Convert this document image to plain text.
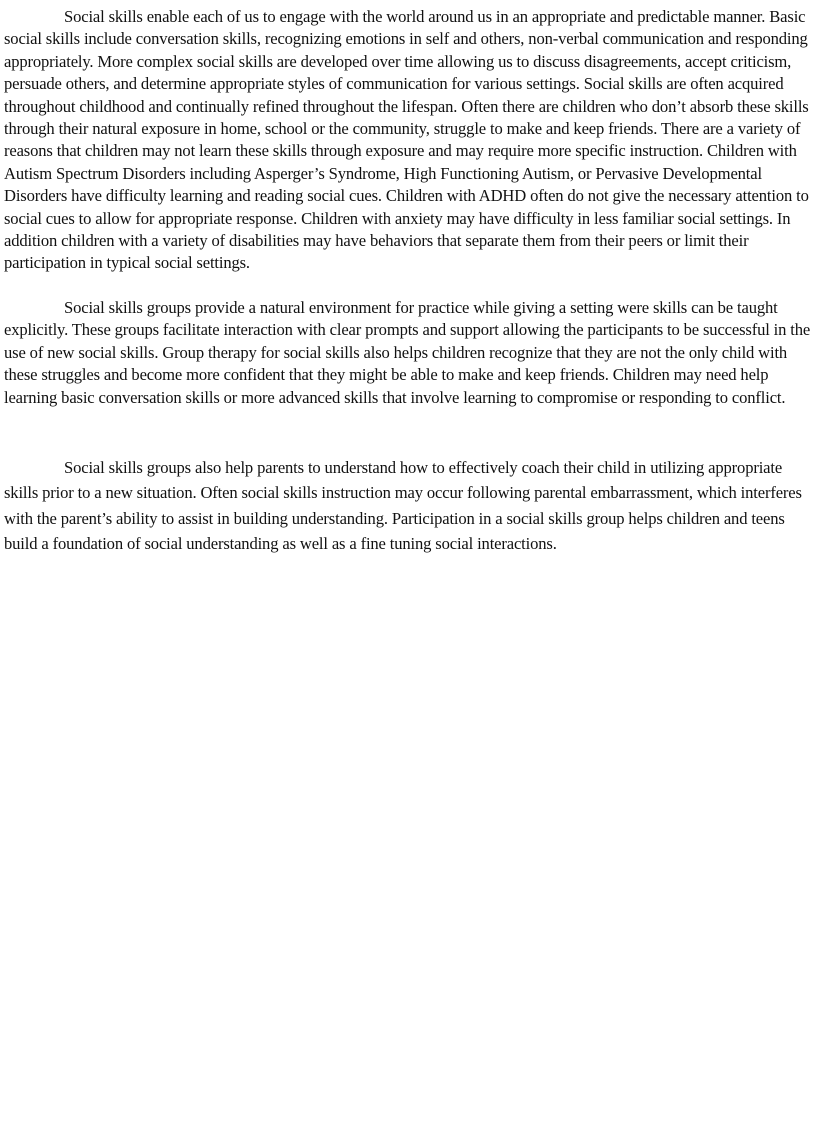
Social skills enable each of us to engage with the world around us in an appropriate and predictable manner. Basic social skills include conversation skills, recognizing emotions in self and others, non-verbal communication and responding appropriately. More complex social skills are developed over time allowing us to discuss disagreements, accept criticism, persuade others, and determine appropriate styles of communication for various settings. Social skills are often acquired throughout childhood and continually refined throughout the lifespan. Often there are children who don’t absorb these skills through their natural exposure in home, school or the community, struggle to make and keep friends. There are a variety of reasons that children may not learn these skills through exposure and may require more specific instruction. Children with Autism Spectrum Disorders including Asperger’s Syndrome, High Functioning Autism, or Pervasive Developmental Disorders have difficulty learning and reading social cues. Children with ADHD often do not give the necessary attention to social cues to allow for appropriate response. Children with anxiety may have difficulty in less familiar social settings. In addition children with a variety of disabilities may have behaviors that separate them from their peers or limit their participation in typical social settings.

Social skills groups provide a natural environment for practice while giving a setting were skills can be taught explicitly. These groups facilitate interaction with clear prompts and support allowing the participants to be successful in the use of new social skills. Group therapy for social skills also helps children recognize that they are not the only child with these struggles and become more confident that they might be able to make and keep friends. Children may need help learning basic conversation skills or more advanced skills that involve learning to compromise or responding to conflict.

Social skills groups also help parents to understand how to effectively coach their child in utilizing appropriate skills prior to a new situation. Often social skills instruction may occur following parental embarrassment, which interferes with the parent’s ability to assist in building understanding. Participation in a social skills group helps children and teens build a foundation of social understanding as well as a fine tuning social interactions.
